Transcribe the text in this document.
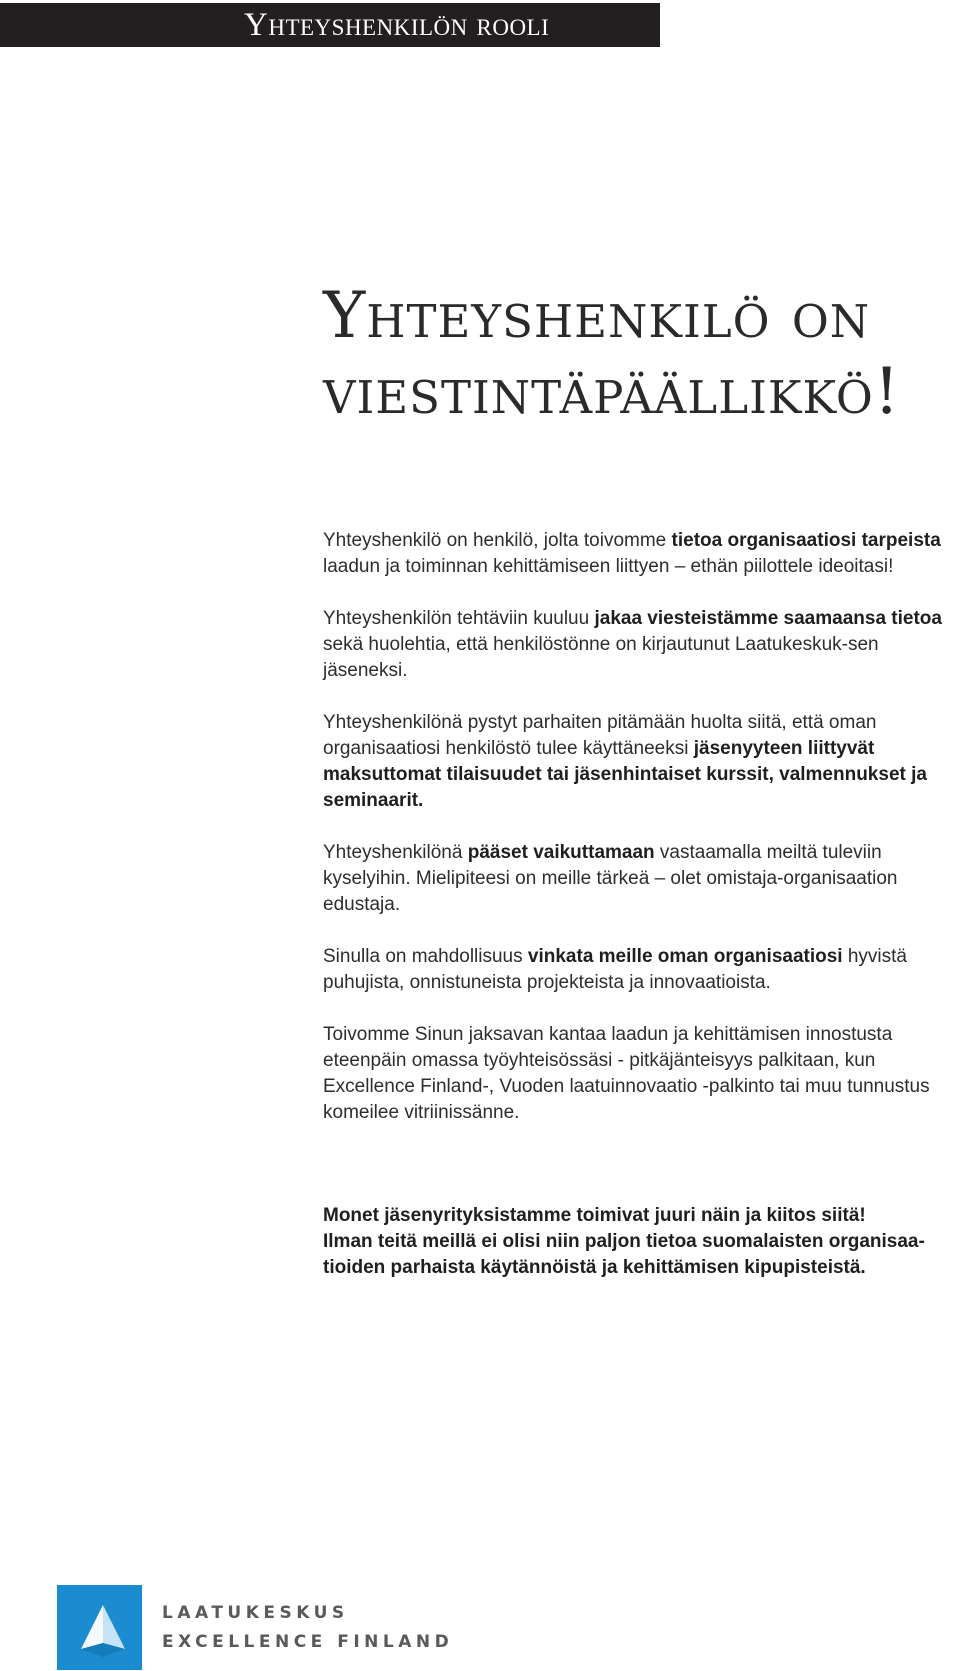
Yhteyshenkilön rooli
Yhteyshenkilö on
viestintäpäällikkö!

Yhteyshenkilö on henkilö, jolta toivomme tietoa organisaatiosi tarpeista laadun ja toiminnan kehittämiseen liittyen – ethän piilottele ideoitasi!

Yhteyshenkilön tehtäviin kuuluu jakaa viesteistämme saamaansa tietoa sekä huolehtia, että henkilöstönne on kirjautunut Laatukeskuk-sen jäseneksi.

Yhteyshenkilönä pystyt parhaiten pitämään huolta siitä, että oman organisaatiosi henkilöstö tulee käyttäneeksi jäsenyyteen liittyvät maksuttomat tilaisuudet tai jäsenhintaiset kurssit, valmennukset ja seminaarit.

Yhteyshenkilönä pääset vaikuttamaan vastaamalla meiltä tuleviin kyselyihin. Mielipiteesi on meille tärkeä – olet omistaja-organisaation edustaja.

Sinulla on mahdollisuus vinkata meille oman organisaatiosi hyvistä puhujista, onnistuneista projekteista ja innovaatioista.

Toivomme Sinun jaksavan kantaa laadun ja kehittämisen innostusta eteenpäin omassa työyhteisössäsi - pitkäjänteisyys palkitaan, kun Excellence Finland-, Vuoden laatuinnovaatio -palkinto tai muu tunnustus komeilee vitriinissänne.

Monet jäsenyrityksistamme toimivat juuri näin ja kiitos siitä!
Ilman teitä meillä ei olisi niin paljon tietoa suomalaisten organisaa-tioiden parhaista käytännöistä ja kehittämisen kipupisteistä.

LAATUKESKUS
EXCELLENCE FINLAND
